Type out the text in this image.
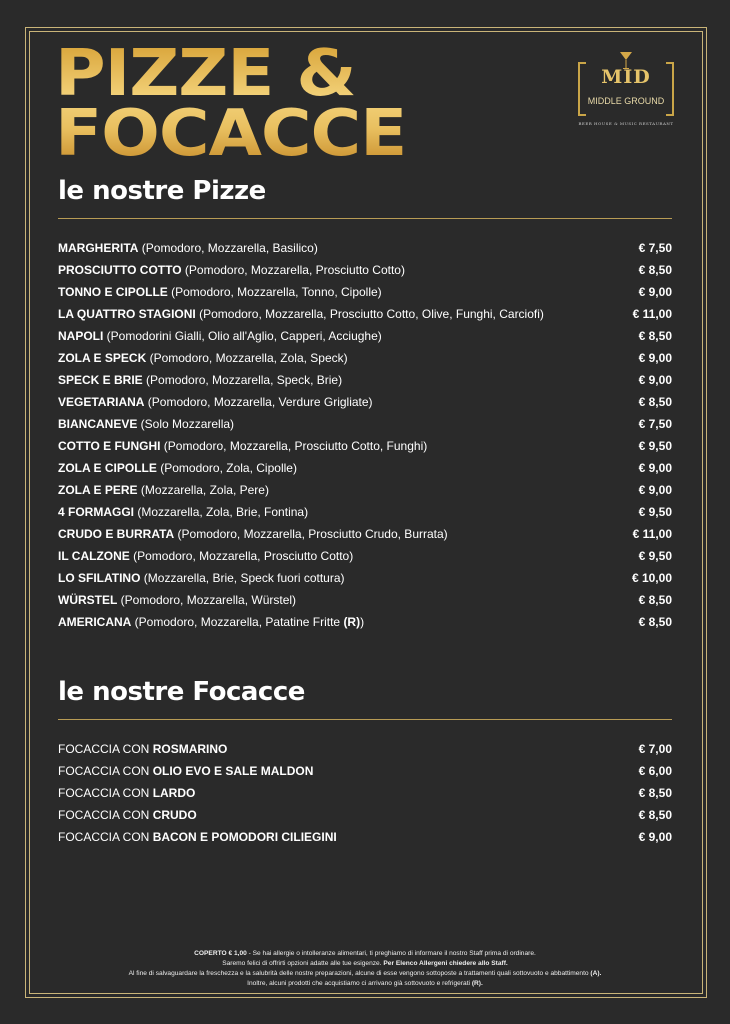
PIZZE &
FOCACCE
MID
MIDDLE GROUND
BEER HOUSE & MUSIC RESTAURANT
le nostre Pizze
MARGHERITA (Pomodoro, Mozzarella, Basilico)	€ 7,50
PROSCIUTTO COTTO (Pomodoro, Mozzarella, Prosciutto Cotto)	€ 8,50
TONNO E CIPOLLE (Pomodoro, Mozzarella, Tonno, Cipolle)	€ 9,00
LA QUATTRO STAGIONI (Pomodoro, Mozzarella, Prosciutto Cotto, Olive, Funghi, Carciofi)	€ 11,00
NAPOLI (Pomodorini Gialli, Olio all'Aglio, Capperi, Acciughe)	€ 8,50
ZOLA E SPECK (Pomodoro, Mozzarella, Zola, Speck)	€ 9,00
SPECK E BRIE (Pomodoro, Mozzarella, Speck, Brie)	€ 9,00
VEGETARIANA (Pomodoro, Mozzarella, Verdure Grigliate)	€ 8,50
BIANCANEVE (Solo Mozzarella)	€ 7,50
COTTO E FUNGHI (Pomodoro, Mozzarella, Prosciutto Cotto, Funghi)	€ 9,50
ZOLA E CIPOLLE (Pomodoro, Zola, Cipolle)	€ 9,00
ZOLA E PERE (Mozzarella, Zola, Pere)	€ 9,00
4 FORMAGGI (Mozzarella, Zola, Brie, Fontina)	€ 9,50
CRUDO E BURRATA (Pomodoro, Mozzarella, Prosciutto Crudo, Burrata)	€ 11,00
IL CALZONE (Pomodoro, Mozzarella, Prosciutto Cotto)	€ 9,50
LO SFILATINO (Mozzarella, Brie, Speck fuori cottura)	€ 10,00
WÜRSTEL (Pomodoro, Mozzarella, Würstel)	€ 8,50
AMERICANA (Pomodoro, Mozzarella, Patatine Fritte (R))	€ 8,50
le nostre Focacce
FOCACCIA CON ROSMARINO	€ 7,00
FOCACCIA CON OLIO EVO E SALE MALDON	€ 6,00
FOCACCIA CON LARDO	€ 8,50
FOCACCIA CON CRUDO	€ 8,50
FOCACCIA CON BACON E POMODORI CILIEGINI	€ 9,00
COPERTO € 1,00 - Se hai allergie o intolleranze alimentari, ti preghiamo di informare il nostro Staff prima di ordinare.
Saremo felici di offrirti opzioni adatte alle tue esigenze. Per Elenco Allergeni chiedere allo Staff.
Al fine di salvaguardare la freschezza e la salubrità delle nostre preparazioni, alcune di esse vengono sottoposte a trattamenti quali sottovuoto e abbattimento (A).
Inoltre, alcuni prodotti che acquistiamo ci arrivano già sottovuoto e refrigerati (R).
